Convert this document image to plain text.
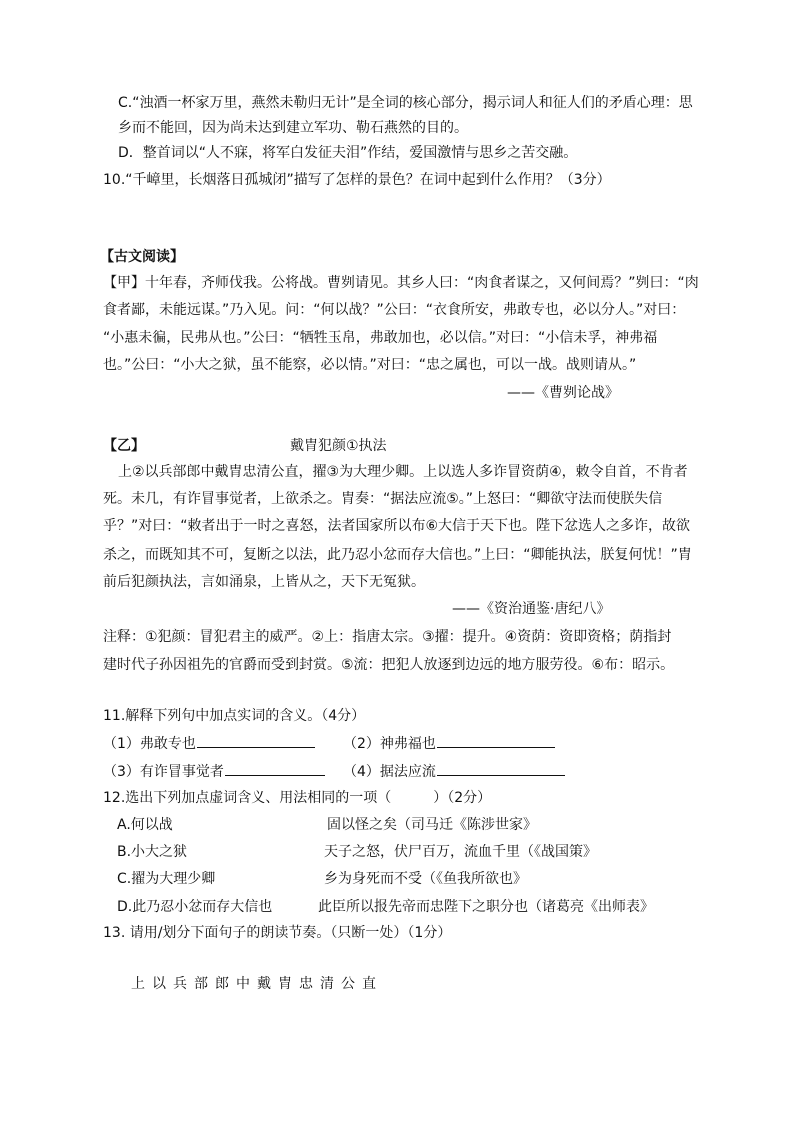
C.“浊酒一杯家万里，燕然未勒归无计”是全词的核心部分，揭示词人和征人们的矛盾心理：思
乡而不能回，因为尚未达到建立军功、勒石燕然的目的。
D．整首词以“人不寐，将军白发征夫泪”作结，爱国激情与思乡之苦交融。
10.“千嶂里，长烟落日孤城闭”描写了怎样的景色？在词中起到什么作用？（3分）
【古文阅读】
【甲】十年春，齐师伐我。公将战。曹刿请见。其乡人曰：“肉食者谋之，又何间焉？”刿曰：“肉
食者鄙，未能远谋。”乃入见。问：“何以战？”公曰：“衣食所安，弗敢专也，必以分人。”对曰：
“小惠未徧，民弗从也。”公曰：“牺牲玉帛，弗敢加也，必以信。”对曰：“小信未孚，神弗福
也。”公曰：“小大之狱，虽不能察，必以情。”对曰：“忠之属也，可以一战。战则请从。”
——《曹刿论战》
【乙】	戴胄犯颜①执法
上②以兵部郎中戴胄忠清公直，擢③为大理少卿。上以选人多诈冒资荫④，敕令自首，不肯者
死。未几，有诈冒事觉者，上欲杀之。胄奏：“据法应流⑤。”上怒曰：“卿欲守法而使朕失信
乎？”对曰：“敕者出于一时之喜怒，法者国家所以布⑥大信于天下也。陛下忿选人之多诈，故欲
杀之，而既知其不可，复断之以法，此乃忍小忿而存大信也。”上曰：“卿能执法，朕复何忧！”胄
前后犯颜执法，言如涌泉，上皆从之，天下无冤狱。
——《资治通鉴·唐纪八》
注释：①犯颜：冒犯君主的威严。②上：指唐太宗。③擢：提升。④资荫：资即资格；荫指封
建时代子孙因祖先的官爵而受到封赏。⑤流：把犯人放逐到边远的地方服劳役。⑥布：昭示。
11.解释下列句中加点实词的含义。（4分）
（1）弗敢专也	（2）神弗福也
（3）有诈冒事觉者	（4）据法应流
12.选出下列加点虚词含义、用法相同的一项（　　　）（2分）
A.何以战	固以怪之矣（司马迁《陈涉世家》
B.小大之狱	天子之怒，伏尸百万，流血千里（《战国策》
C.擢为大理少卿	乡为身死而不受（《鱼我所欲也》
D.此乃忍小忿而存大信也	此臣所以报先帝而忠陛下之职分也（诸葛亮《出师表》
13. 请用/划分下面句子的朗读节奏。（只断一处）（1分）
上以兵部郎中戴胄忠清公直
